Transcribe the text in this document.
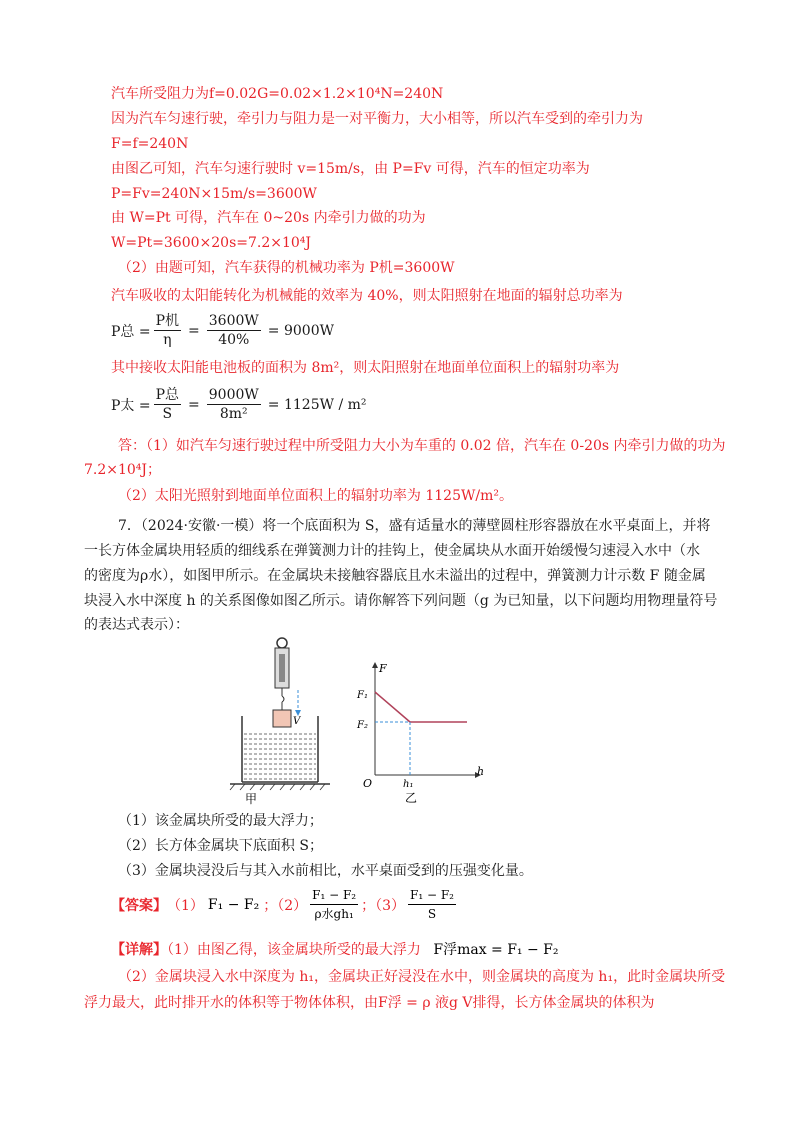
汽车所受阻力为f=0.02G=0.02×1.2×10⁴N=240N
因为汽车匀速行驶，牵引力与阻力是一对平衡力，大小相等，所以汽车受到的牵引力为
F=f=240N
由图乙可知，汽车匀速行驶时 v=15m/s，由 P=Fv 可得，汽车的恒定功率为
P=Fv=240N×15m/s=3600W
由 W=Pt 可得，汽车在 0~20s 内牵引力做的功为
W=Pt=3600×20s=7.2×10⁴J
（2）由题可知，汽车获得的机械功率为 P机=3600W
汽车吸收的太阳能转化为机械能的效率为 40%，则太阳照射在地面的辐射总功率为
P总 = $\frac{\text{P机}}{\eta} = \frac{3600W}{40\%} = 9000W$
其中接收太阳能电池板的面积为 8m²，则太阳照射在地面单位面积上的辐射功率为
P太 = $\frac{\text{P总}}{S} = \frac{9000W}{\text{8m²}} = 1125W / m^2$
答：（1）如汽车匀速行驶过程中所受阻力大小为车重的 0.02 倍，汽车在 0-20s 内牵引力做的功为
7.2×10⁴J；
（2）太阳光照射到地面单位面积上的辐射功率为 1125W/m²。
7．（2024·安徽·一模）将一个底面积为 S，盛有适量水的薄壁圆柱形容器放在水平桌面上，并将
一长方体金属块用轻质的细线系在弹簧测力计的挂钩上，使金属块从水面开始缓慢匀速浸入水中（水
的密度为ρ水），如图甲所示。在金属块未接触容器底且水未溢出的过程中，弹簧测力计示数 F 随金属
块浸入水中深度 h 的关系图像如图乙所示。请你解答下列问题（g 为已知量，以下问题均用物理量符号
的表达式表示）：
V
甲
F
h
O
F₁
F₂
h₁
乙
（1）该金属块所受的最大浮力；
（2）长方体金属块下底面积 S；
（3）金属块浸没后与其入水前相比，水平桌面受到的压强变化量。
【答案】 （1） F₁ − F₂ ；$(2) \frac{\text{F₁ − F₂}}{\text{ρ水gh₁}}$ ；$(3) \frac{\text{F₁ − F₂}}{S}$
【详解】（1）由图乙得，该金属块所受的最大浮力 F浮max = F₁ − F₂
（2）金属块浸入水中深度为 h₁，金属块正好浸没在水中，则金属块的高度为 h₁，此时金属块所受
浮力最大，此时排开水的体积等于物体体积，由F浮 = ρ 液g V排得，长方体金属块的体积为
